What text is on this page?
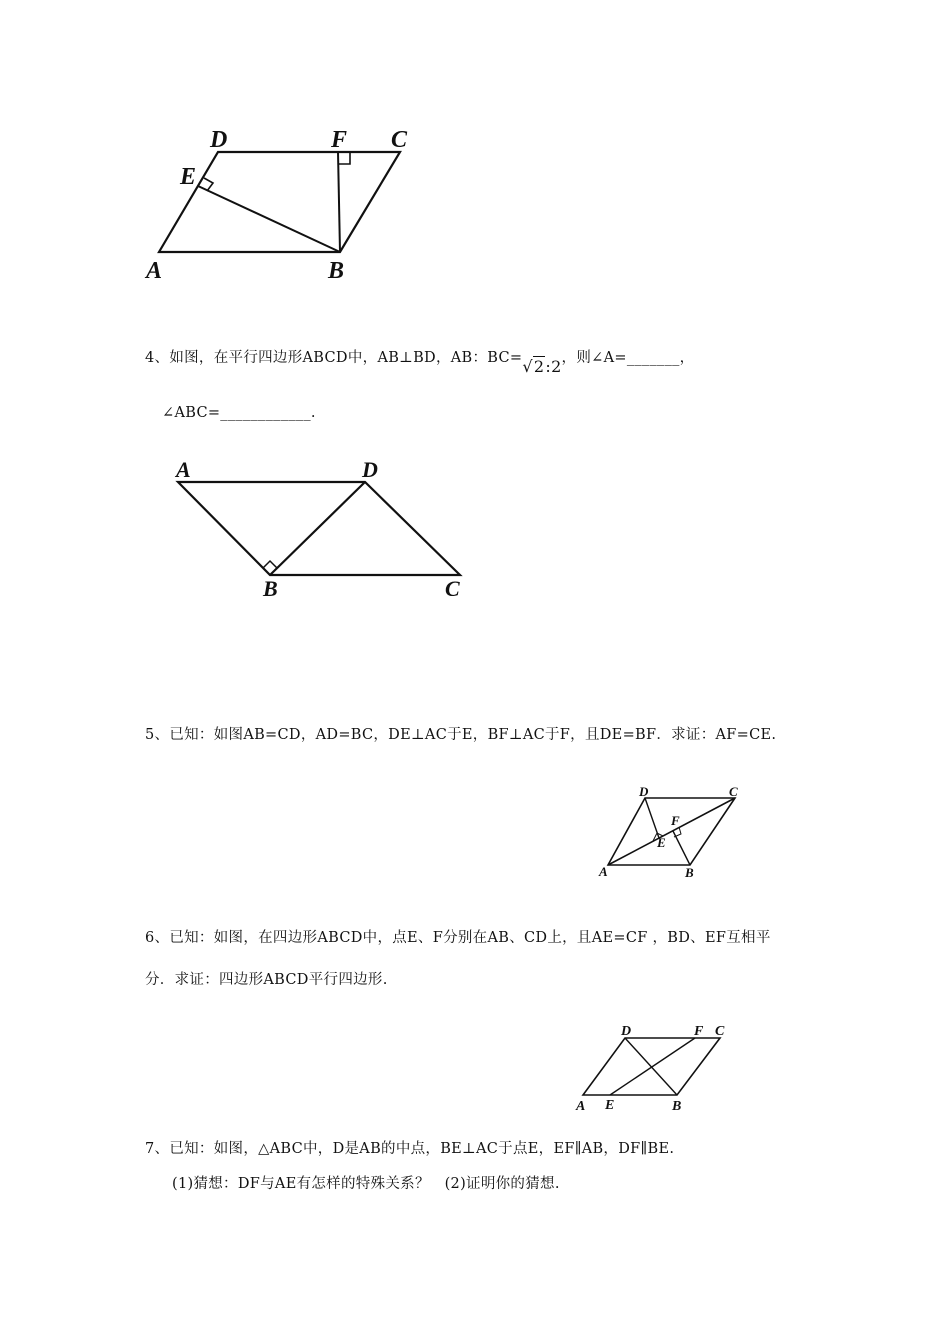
D	F C
E
A	B
4、如图，在平行四边形ABCD中，AB⊥BD，AB：BC=√2:2，则∠A=_______，
∠ABC=____________.
A	D
B	C
5、已知：如图AB=CD，AD=BC，DE⊥AC于E，BF⊥AC于F，且DE=BF．求证：AF=CE.
D	C
F
E
A	B
6、已知：如图，在四边形ABCD中，点E、F分别在AB、CD上，且AE=CF ，BD、EF互相平
分．求证：四边形ABCD平行四边形.
D	F C
A E	B
7、已知：如图，△ABC中，D是AB的中点，BE⊥AC于点E，EF∥AB，DF∥BE.
(1)猜想：DF与AE有怎样的特殊关系？　(2)证明你的猜想.
